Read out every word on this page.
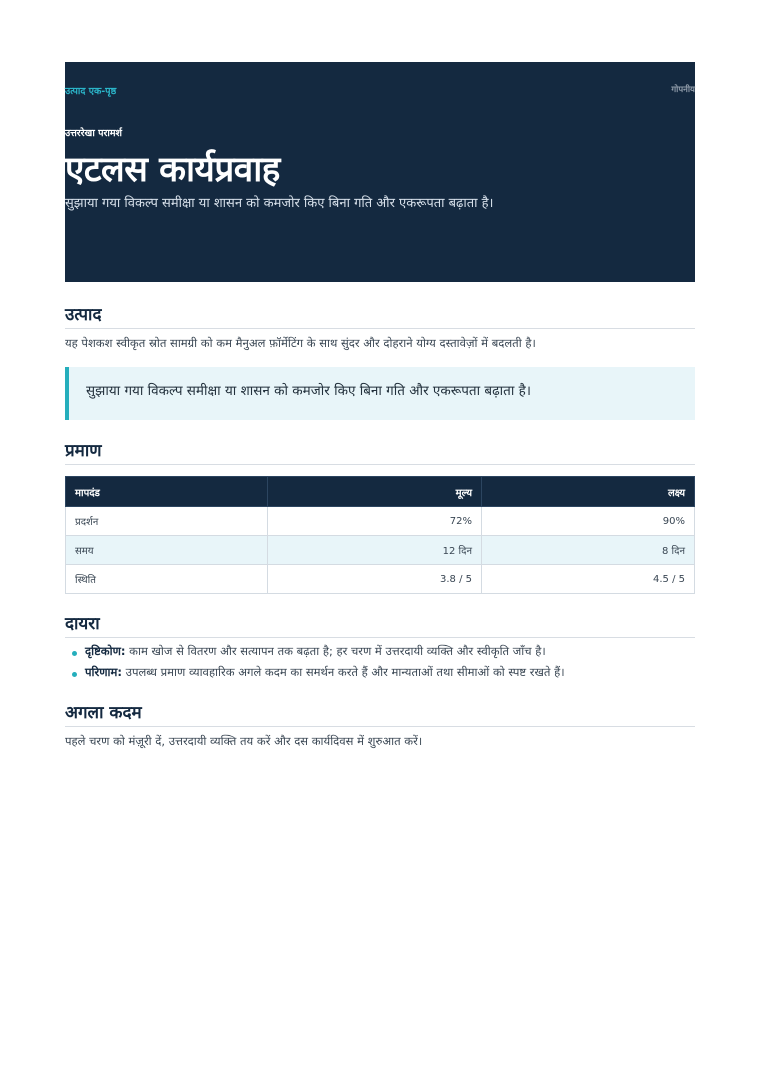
उत्पाद एक-पृष्ठ	गोपनीय
उत्तररेखा परामर्श
एटलस कार्यप्रवाह
सुझाया गया विकल्प समीक्षा या शासन को कमजोर किए बिना गति और एकरूपता बढ़ाता है।
उत्पाद

यह पेशकश स्वीकृत स्रोत सामग्री को कम मैनुअल फ़ॉर्मेटिंग के साथ सुंदर और दोहराने योग्य दस्तावेज़ों में बदलती है।

सुझाया गया विकल्प समीक्षा या शासन को कमजोर किए बिना गति और एकरूपता बढ़ाता है।
प्रमाण
मापदंड	मूल्य	लक्ष्य
प्रदर्शन	72%	90%
समय	12 दिन	8 दिन
स्थिति	3.8 / 5	4.5 / 5
दायरा
दृष्टिकोण: काम खोज से वितरण और सत्यापन तक बढ़ता है; हर चरण में उत्तरदायी व्यक्ति और स्वीकृति जाँच है।
परिणाम: उपलब्ध प्रमाण व्यावहारिक अगले कदम का समर्थन करते हैं और मान्यताओं तथा सीमाओं को स्पष्ट रखते हैं।
अगला कदम

पहले चरण को मंज़ूरी दें, उत्तरदायी व्यक्ति तय करें और दस कार्यदिवस में शुरुआत करें।
